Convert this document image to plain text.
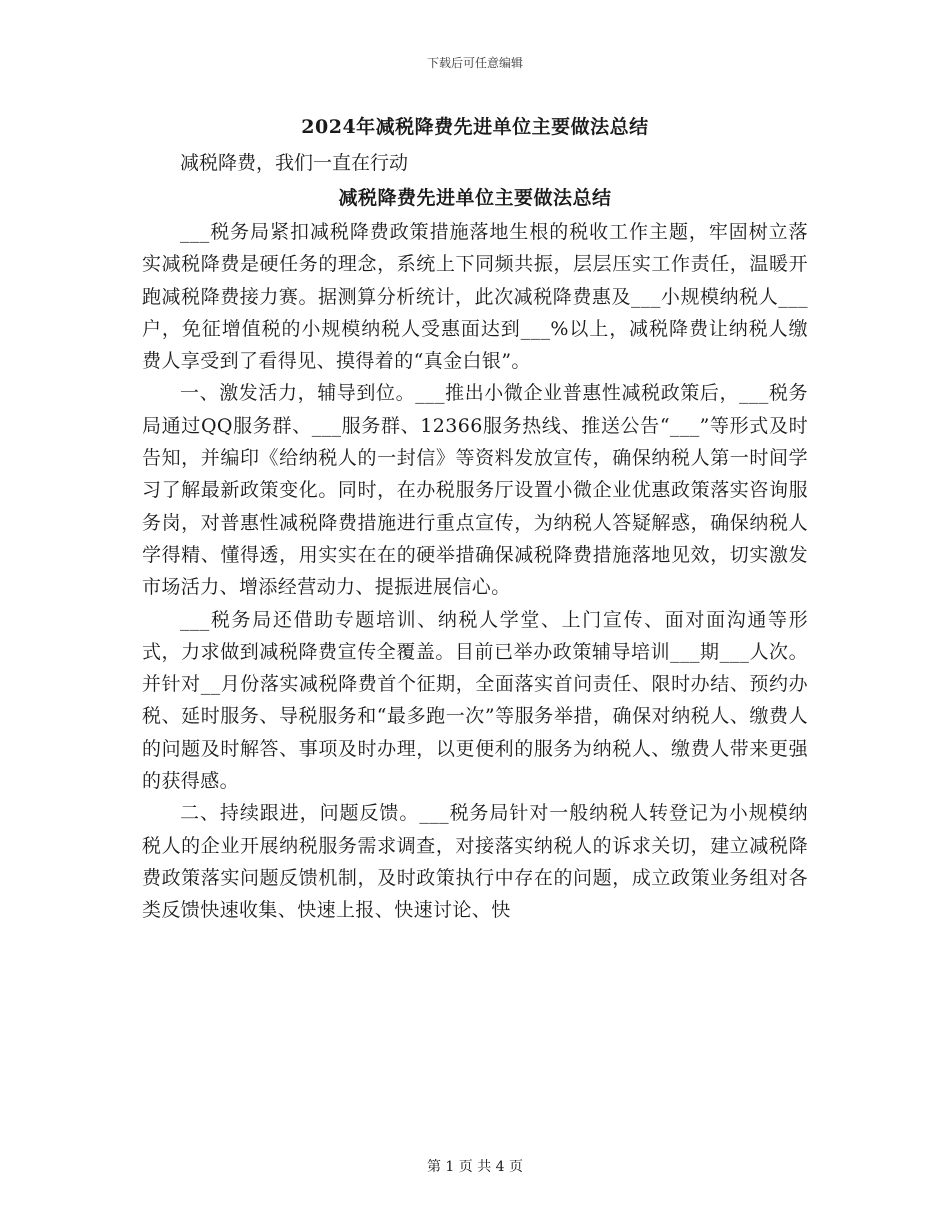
下载后可任意编辑
2024年减税降费先进单位主要做法总结
减税降费，我们一直在行动
减税降费先进单位主要做法总结

___税务局紧扣减税降费政策措施落地生根的税收工作主题，牢固树立落实减税降费是硬任务的理念，系统上下同频共振，层层压实工作责任，温暖开跑减税降费接力赛。据测算分析统计，此次减税降费惠及___小规模纳税人___户，免征增值税的小规模纳税人受惠面达到___%以上，减税降费让纳税人缴费人享受到了看得见、摸得着的“真金白银”。

一、激发活力，辅导到位。___推出小微企业普惠性减税政策后，___税务局通过QQ服务群、___服务群、12366服务热线、推送公告“___”等形式及时告知，并编印《给纳税人的一封信》等资料发放宣传，确保纳税人第一时间学习了解最新政策变化。同时，在办税服务厅设置小微企业优惠政策落实咨询服务岗，对普惠性减税降费措施进行重点宣传，为纳税人答疑解惑，确保纳税人学得精、懂得透，用实实在在的硬举措确保减税降费措施落地见效，切实激发市场活力、增添经营动力、提振进展信心。

___税务局还借助专题培训、纳税人学堂、上门宣传、面对面沟通等形式，力求做到减税降费宣传全覆盖。目前已举办政策辅导培训___期___人次。并针对__月份落实减税降费首个征期，全面落实首问责任、限时办结、预约办税、延时服务、导税服务和“最多跑一次”等服务举措，确保对纳税人、缴费人的问题及时解答、事项及时办理，以更便利的服务为纳税人、缴费人带来更强的获得感。

二、持续跟进，问题反馈。___税务局针对一般纳税人转登记为小规模纳税人的企业开展纳税服务需求调查，对接落实纳税人的诉求关切，建立减税降费政策落实问题反馈机制，及时政策执行中存在的问题，成立政策业务组对各类反馈快速收集、快速上报、快速讨论、快

第 1 页 共 4 页
